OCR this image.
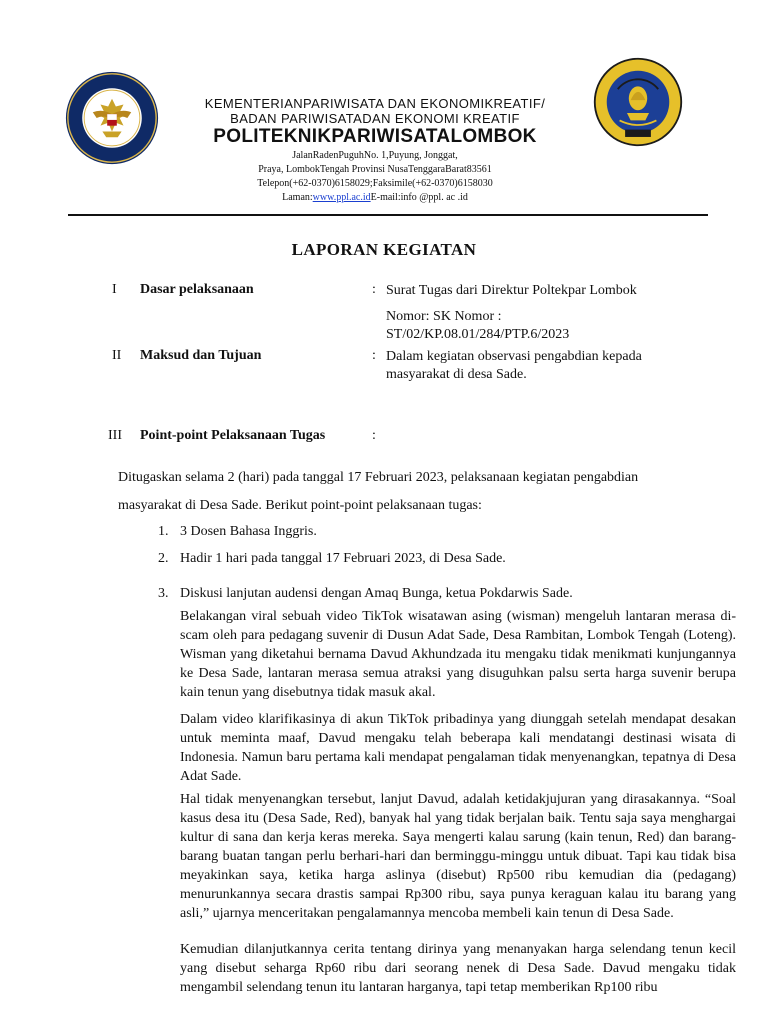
KEMENTERIANPARIWISATA DAN EKONOMIKREATIF/
BADAN PARIWISATADAN EKONOMI KREATIF
POLITEKNIKPARIWISATALOMBOK
JalanRadenPuguhNo. 1,Puyung, Jonggat,
Praya, LombokTengah Provinsi NusaTenggaraBarat83561
Telepon(+62-0370)6158029;Faksimile(+62-0370)6158030
Laman:www.ppl.ac.idE-mail:info @ppl. ac .id
LAPORAN KEGIATAN
I Dasar pelaksanaan	: Surat Tugas dari Direktur Poltekpar Lombok
Nomor: SK Nomor :
ST/02/KP.08.01/284/PTP.6/2023
II Maksud dan Tujuan	: Dalam kegiatan observasi pengabdian kepada
masyarakat di desa Sade.
III Point-point Pelaksanaan Tugas	:
Ditugaskan selama 2 (hari) pada tanggal 17 Februari 2023, pelaksanaan kegiatan pengabdian
masyarakat di Desa Sade. Berikut point-point pelaksanaan tugas:
1. 3 Dosen Bahasa Inggris.
2. Hadir 1 hari pada tanggal 17 Februari 2023, di Desa Sade.
3. Diskusi lanjutan audensi dengan Amaq Bunga, ketua Pokdarwis Sade.
Belakangan viral sebuah video TikTok wisatawan asing (wisman) mengeluh lantaran merasa di-scam oleh para pedagang suvenir di Dusun Adat Sade, Desa Rambitan, Lombok Tengah (Loteng). Wisman yang diketahui bernama Davud Akhundzada itu mengaku tidak menikmati kunjungannya ke Desa Sade, lantaran merasa semua atraksi yang disuguhkan palsu serta harga suvenir berupa kain tenun yang disebutnya tidak masuk akal.
Dalam video klarifikasinya di akun TikTok pribadinya yang diunggah setelah mendapat desakan untuk meminta maaf, Davud mengaku telah beberapa kali mendatangi destinasi wisata di Indonesia. Namun baru pertama kali mendapat pengalaman tidak menyenangkan, tepatnya di Desa Adat Sade.
Hal tidak menyenangkan tersebut, lanjut Davud, adalah ketidakjujuran yang dirasakannya. “Soal kasus desa itu (Desa Sade, Red), banyak hal yang tidak berjalan baik. Tentu saja saya menghargai kultur di sana dan kerja keras mereka. Saya mengerti kalau sarung (kain tenun, Red) dan barang-barang buatan tangan perlu berhari-hari dan berminggu-minggu untuk dibuat. Tapi kau tidak bisa meyakinkan saya, ketika harga aslinya (disebut) Rp500 ribu kemudian dia (pedagang) menurunkannya secara drastis sampai Rp300 ribu, saya punya keraguan kalau itu barang yang asli,” ujarnya menceritakan pengalamannya mencoba membeli kain tenun di Desa Sade.
Kemudian dilanjutkannya cerita tentang dirinya yang menanyakan harga selendang tenun kecil yang disebut seharga Rp60 ribu dari seorang nenek di Desa Sade. Davud mengaku tidak mengambil selendang tenun itu lantaran harganya, tapi tetap memberikan Rp100 ribu
